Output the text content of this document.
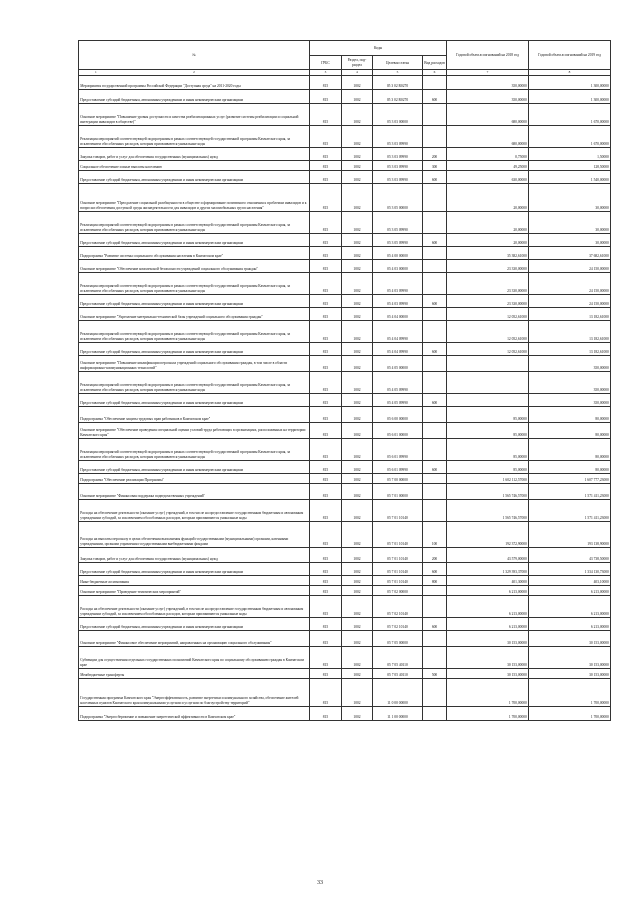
№	Коды				Годовой объем ассигнований на 2018 год	Годовой объем ассигнований на 2019 год
	ГРБС	Раздел, под-раздел	Целевая статья	Вид расходов		

1 2	3	4	5	6	7	8
Мероприятия государственной программы Российской Федерации "Доступная среда" на 2011-2020 годы	815	1002	05 3 02 R0270		350,00000	1 300,00000
Предоставление субсидий бюджетным, автономным учреждениям и иным некоммерческим организациям	815	1002	05 3 02 R0270	600	350,00000	1 300,00000
Основное мероприятие "Повышение уровня доступности и качества реабилитационных услуг (развитие системы реабилитации и социальной интеграции инвалидов в обществе)"	815	1002	05 3 03 00000		680,00000	1 670,00000
Реализация мероприятий соответствующей подпрограммы в рамках соответствующей государственной программы Камчатского края, за исключением обособленных расходов, которым присваиваются уникальные коды	815	1002	05 3 03 09990		680,00000	1 670,00000
Закупка товаров, работ и услуг для обеспечения государственных (муниципальных) нужд	815	1002	05 3 03 09990	200	0,75000	1,50000
Социальное обеспечение и иные выплаты населению	815	1002	05 3 03 09990	300	49,25000	128,50000
Предоставление субсидий бюджетным, автономным учреждениям и иным некоммерческим организациям	815	1002	05 3 03 09990	600	630,00000	1 540,00000
Основное мероприятие "Преодоление социальной разобщенности в обществе и формирование позитивного отношения к проблемам инвалидов и к вопросам обеспечения доступной среды жизнедеятельности для инвалидов и других маломобильных групп населения"	815	1002	05 3 05 00000		20,00000	30,00000
Реализация мероприятий соответствующей подпрограммы в рамках соответствующей государственной программы Камчатского края, за исключением обособленных расходов, которым присваиваются уникальные коды	815	1002	05 3 05 09990		20,00000	30,00000
Предоставление субсидий бюджетным, автономным учреждениям и иным некоммерческим организациям	815	1002	05 3 05 09990	600	20,00000	30,00000
Подпрограмма "Развитие системы социального обслуживания населения в Камчатском крае"	815	1002	05 4 00 00000		35 382,61000	37 682,61000
Основное мероприятие "Обеспечение комплексной безопасности учреждений социального обслуживания граждан"	815	1002	05 4 03 00000		23 330,00000	24 150,00000
Реализация мероприятий соответствующей подпрограммы в рамках соответствующей государственной программы Камчатского края, за исключением обособленных расходов, которым присваиваются уникальные коды	815	1002	05 4 03 09990		23 330,00000	24 150,00000
Предоставление субсидий бюджетным, автономным учреждениям и иным некоммерческим организациям	815	1002	05 4 03 09990	600	23 330,00000	24 150,00000
Основное мероприятие "Укрепление материально-технической базы учреждений социального обслуживания граждан"	815	1002	05 4 04 00000		12 052,61000	13 182,61000
Реализация мероприятий соответствующей подпрограммы в рамках соответствующей государственной программы Камчатского края, за исключением обособленных расходов, которым присваиваются уникальные коды	815	1002	05 4 04 09990		12 052,61000	13 182,61000
Предоставление субсидий бюджетным, автономным учреждениям и иным некоммерческим организациям	815	1002	05 4 04 09990	600	12 052,61000	13 182,61000
Основное мероприятие "Повышение квалификации персонала учреждений социального обслуживания граждан, в том числе в области информационно-коммуникационных технологий"	815	1002	05 4 05 00000			350,00000
Реализация мероприятий соответствующей подпрограммы в рамках соответствующей государственной программы Камчатского края, за исключением обособленных расходов, которым присваиваются уникальные коды	815	1002	05 4 05 09990			350,00000
Предоставление субсидий бюджетным, автономным учреждениям и иным некоммерческим организациям	815	1002	05 4 05 09990	600		350,00000
Подпрограмма "Обеспечение защиты трудовых прав работников в Камчатском крае"	815	1002	05 6 00 00000		85,00000	80,00000
Основное мероприятие "Обеспечение проведения специальной оценки условий труда работающих в организациях, расположенных на территории Камчатского края"	815	1002	05 6 01 00000		85,00000	80,00000
Реализация мероприятий соответствующей подпрограммы в рамках соответствующей государственной программы Камчатского края, за исключением обособленных расходов, которым присваиваются уникальные коды	815	1002	05 6 01 09990		85,00000	80,00000
Предоставление субсидий бюджетным, автономным учреждениям и иным некоммерческим организациям	815	1002	05 6 01 09990	600	85,00000	80,00000
Подпрограмма "Обеспечение реализации Программы"	815	1002	05 7 00 00000		1 602 112,57000	1 607 777,23000
Основное мероприятие "Финансовая поддержка подведомственных учреждений"	815	1002	05 7 01 00000		1 565 746,57000	1 571 411,23000
Расходы на обеспечение деятельности (оказание услуг) учреждений, в том числе на предоставление государственным бюджетным и автономным учреждениям субсидий, за исключением обособленных расходов, которым присваиваются уникальные коды	815	1002	05 7 01 10140		1 565 746,57000	1 571 411,23000
Расходы на выплаты персоналу в целях обеспечения выполнения функций государственными (муниципальными) органами, казенными учреждениями, органами управления государственными внебюджетными фондами	815	1002	05 7 01 10140	100	192 372,90000	193 138,90000
Закупка товаров, работ и услуг для обеспечения государственных (муниципальных) нужд	815	1002	05 7 01 10140	200	43 579,00000	43 738,50000
Предоставление субсидий бюджетным, автономным учреждениям и иным некоммерческим организациям	815	1002	05 7 01 10140	600	1 329 393,37000	1 334 130,73000
Иные бюджетные ассигнования	815	1002	05 7 01 10140	800	401,30000	403,10000
Основное мероприятие "Проведение тематических мероприятий"	815	1002	05 7 02 00000		6 213,00000	6 213,00000
Расходы на обеспечение деятельности (оказание услуг) учреждений, в том числе на предоставление государственным бюджетным и автономным учреждениям субсидий, за исключением обособленных расходов, которым присваиваются уникальные коды	815	1002	05 7 02 10140		6 213,00000	6 213,00000
Предоставление субсидий бюджетным, автономным учреждениям и иным некоммерческим организациям	815	1002	05 7 02 10140	600	6 213,00000	6 213,00000
Основное мероприятие "Финансовое обеспечение мероприятий, направленных на организацию социального обслуживания"	815	1002	05 7 05 00000		30 153,00000	30 153,00000
Субвенции для осуществления отдельных государственных полномочий Камчатского края по социальному обслуживанию граждан в Камчатском крае	815	1002	05 7 05 40110		30 153,00000	30 153,00000
Межбюджетные трансферты	815	1002	05 7 05 40110	500	30 153,00000	30 153,00000
Государственная программа Камчатского края "Энергоэффективность, развитие энергетики и коммунального хозяйства, обеспечение жителей населенных пунктов Камчатского края коммунальными услугами и услугами по благоустройству территорий"	815	1002	11 0 00 00000		1 700,00000	1 700,00000
Подпрограмма "Энергосбережение и повышение энергетической эффективности в Камчатском крае"	815	1002	11 1 00 00000		1 700,00000	1 700,00000
33
